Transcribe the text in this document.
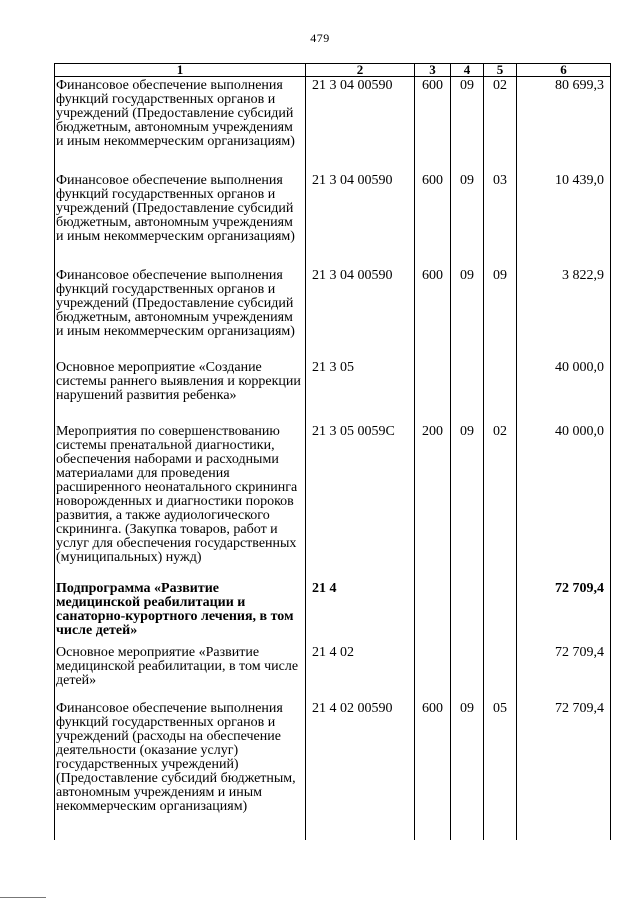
479
1	2	3	4	5	6
Финансовое обеспечение выполнения функций государственных органов и учреждений (Предоставление субсидий бюджетным, автономным учреждениям и иным некоммерческим организациям)	21 3 04 00590	600	09	02	80 699,3
Финансовое обеспечение выполнения функций государственных органов и учреждений (Предоставление субсидий бюджетным, автономным учреждениям и иным некоммерческим организациям)	21 3 04 00590	600	09	03	10 439,0
Финансовое обеспечение выполнения функций государственных органов и учреждений (Предоставление субсидий бюджетным, автономным учреждениям и иным некоммерческим организациям)	21 3 04 00590	600	09	09	3 822,9
Основное мероприятие «Создание системы раннего выявления и коррекции нарушений развития ребенка»	21 3 05				40 000,0
Мероприятия по совершенствованию системы пренатальной диагностики, обеспечения наборами и расходными материалами для проведения расширенного неонатального скрининга новорожденных и диагностики пороков развития, а также аудиологического скрининга. (Закупка товаров, работ и услуг для обеспечения государственных (муниципальных) нужд)	21 3 05 0059C	200	09	02	40 000,0
Подпрограмма «Развитие медицинской реабилитации и санаторно-курортного лечения, в том числе детей»	21 4				72 709,4
Основное мероприятие «Развитие медицинской реабилитации, в том числе детей»	21 4 02				72 709,4
Финансовое обеспечение выполнения функций государственных органов и учреждений (расходы на обеспечение деятельности (оказание услуг) государственных учреждений) (Предоставление субсидий бюджетным, автономным учреждениям и иным некоммерческим организациям)	21 4 02 00590	600	09	05	72 709,4
